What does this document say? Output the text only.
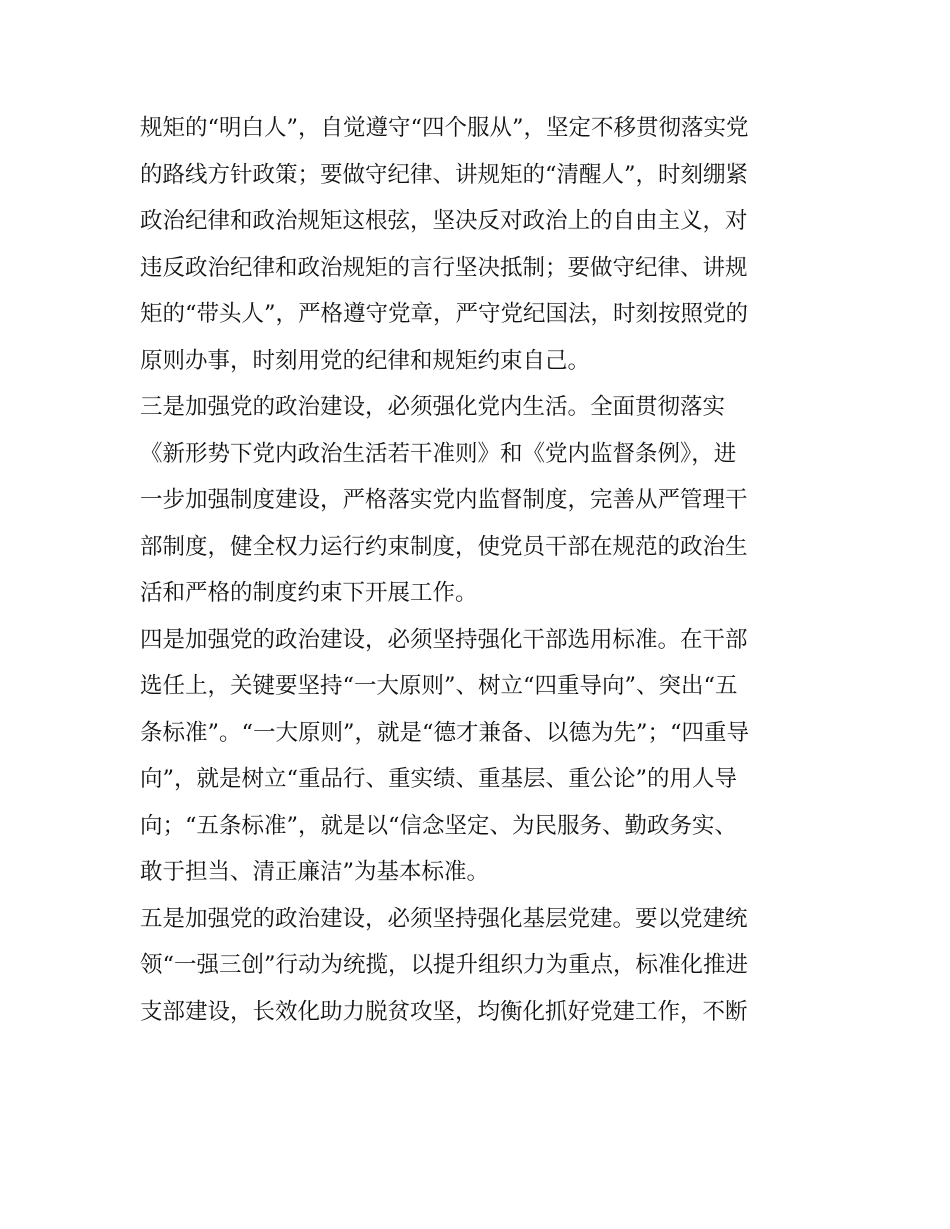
规矩的“明白人”，自觉遵守“四个服从”，坚定不移贯彻落实党
的路线方针政策；要做守纪律、讲规矩的“清醒人”，时刻绷紧
政治纪律和政治规矩这根弦，坚决反对政治上的自由主义，对
违反政治纪律和政治规矩的言行坚决抵制；要做守纪律、讲规
矩的“带头人”，严格遵守党章，严守党纪国法，时刻按照党的
原则办事，时刻用党的纪律和规矩约束自己。
三是加强党的政治建设，必须强化党内生活。全面贯彻落实
《新形势下党内政治生活若干准则》和《党内监督条例》，进
一步加强制度建设，严格落实党内监督制度，完善从严管理干
部制度，健全权力运行约束制度，使党员干部在规范的政治生
活和严格的制度约束下开展工作。
四是加强党的政治建设，必须坚持强化干部选用标准。在干部
选任上，关键要坚持“一大原则”、树立“四重导向”、突出“五
条标准”。“一大原则”，就是“德才兼备、以德为先”；“四重导
向”，就是树立“重品行、重实绩、重基层、重公论”的用人导
向；“五条标准”，就是以“信念坚定、为民服务、勤政务实、
敢于担当、清正廉洁”为基本标准。
五是加强党的政治建设，必须坚持强化基层党建。要以党建统
领“一强三创”行动为统揽，以提升组织力为重点，标准化推进
支部建设，长效化助力脱贫攻坚，均衡化抓好党建工作，不断
